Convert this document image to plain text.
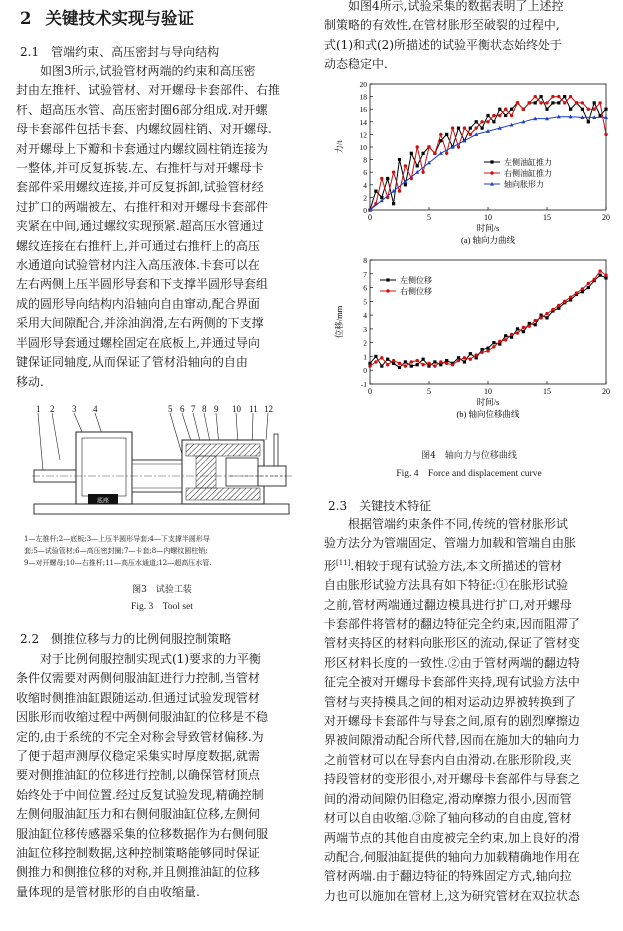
2 关键技术实现与验证
2.1 管端约束、高压密封与导向结构
如图3所示,试验管材两端的约束和高压密
封由左推杆、试验管材、对开螺母卡套部件、右推
杆、超高压水管、高压密封圈6部分组成.对开螺
母卡套部件包括卡套、内螺纹圆柱销、对开螺母.
对开螺母上下瓣和卡套通过内螺纹圆柱销连接为
一整体,并可反复拆装.左、右推杆与对开螺母卡
套部件采用螺纹连接,并可反复拆卸,试验管材经
过扩口的两端被左、右推杆和对开螺母卡套部件
夹紧在中间,通过螺纹实现预紧.超高压水管通过
螺纹连接在右推杆上,并可通过右推杆上的高压
水通道向试验管材内注入高压液体.卡套可以在
左右两侧上压半圆形导套和下支撑半圆形导套组
成的圆形导向结构内沿轴向自由窜动,配合界面
采用大间隙配合,并涂油润滑,左右两侧的下支撑
半圆形导套通过螺栓固定在底板上,并通过导向
键保证同轴度,从而保证了管材沿轴向的自由
移动.
1 2 3 4	5 6 7 8 9 10 11 12
底座
1—左推杆;2—底板;3—上压半圆形导套;4—下支撑半圆形导
套;5—试验管材;6—高压密封圈;7—卡套;8—内螺纹圆柱销;
9—对开螺母;10—右推杆;11—高压水通道;12—超高压水管.
图3　试验工装
Fig. 3　Tool set
2.2 侧推位移与力的比例伺服控制策略
对于比例伺服控制实现式(1)要求的力平衡
条件仅需要对两侧伺服油缸进行力控制,当管材
收缩时侧推油缸跟随运动.但通过试验发现管材
因胀形而收缩过程中两侧伺服油缸的位移是不稳
定的,由于系统的不完全对称会导致管材偏移.为
了便于超声测厚仪稳定采集实时厚度数据,就需
要对侧推油缸的位移进行控制,以确保管材顶点
始终处于中间位置.经过反复试验发现,精确控制
左侧伺服油缸压力和右侧伺服油缸位移,左侧伺
服油缸位移传感器采集的位移数据作为右侧伺服
油缸位移控制数据,这种控制策略能够同时保证
侧推力和侧推位移的对称,并且侧推油缸的位移
量体现的是管材胀形的自由收缩量.
如图4所示,试验采集的数据表明了上述控
制策略的有效性,在管材胀形至破裂的过程中,
式(1)和式(2)所描述的试验平衡状态始终处于
动态稳定中.
0	5	10	15	20
0
2
4
6
8
10
12
14
16
18
20
时间/s
(a) 轴向力曲线
力/t
左侧油缸推力
右侧油缸推力
轴向胀形力
0	5	10	15	20
-1
0
1
2
3
4
5
6
7
8
时间/s
(b) 轴向位移曲线
位移/mm
左侧位移
右侧位移
图4　轴向力与位移曲线
Fig. 4　Force and displacement curve
2.3 关键技术特征
根据管端约束条件不同,传统的管材胀形试
验方法分为管端固定、管端力加载和管端自由胀
形[11].相较于现有试验方法,本文所描述的管材
自由胀形试验方法具有如下特征:①在胀形试验
之前,管材两端通过翻边模具进行扩口,对开螺母
卡套部件将管材的翻边特征完全约束,因而阻滞了
管材夹持区的材料向胀形区的流动,保证了管材变
形区材料长度的一致性.②由于管材两端的翻边特
征完全被对开螺母卡套部件夹持,现有试验方法中
管材与夹持模具之间的相对运动边界被转换到了
对开螺母卡套部件与导套之间,原有的剧烈摩擦边
界被间隙滑动配合所代替,因而在施加大的轴向力
之前管材可以在导套内自由滑动.在胀形阶段,夹
持段管材的变形很小,对开螺母卡套部件与导套之
间的滑动间隙仍旧稳定,滑动摩擦力很小,因而管
材可以自由收缩.③除了轴向移动的自由度,管材
两端节点的其他自由度被完全约束,加上良好的滑
动配合,伺服油缸提供的轴向力加载精确地作用在
管材两端.由于翻边特征的特殊固定方式,轴向拉
力也可以施加在管材上,这为研究管材在双拉状态
